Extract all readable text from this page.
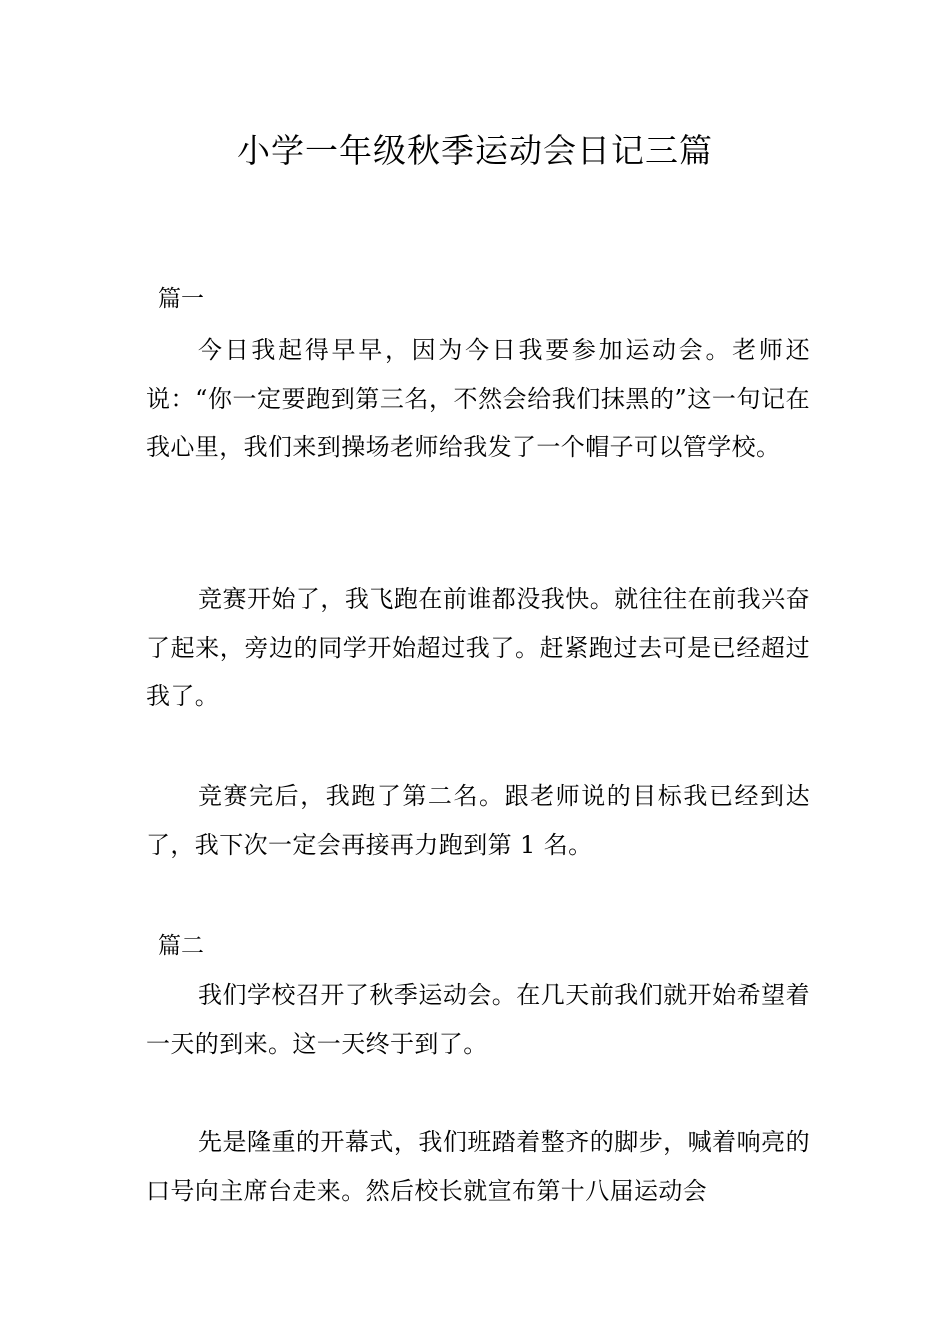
小学一年级秋季运动会日记三篇
篇一

今日我起得早早，因为今日我要参加运动会。老师还说：“你一定要跑到第三名，不然会给我们抹黑的”这一句记在我心里，我们来到操场老师给我发了一个帽子可以管学校。

竞赛开始了，我飞跑在前谁都没我快。就往往在前我兴奋了起来，旁边的同学开始超过我了。赶紧跑过去可是已经超过我了。

竞赛完后，我跑了第二名。跟老师说的目标我已经到达了，我下次一定会再接再力跑到第 1 名。

篇二

我们学校召开了秋季运动会。在几天前我们就开始希望着一天的到来。这一天终于到了。

先是隆重的开幕式，我们班踏着整齐的脚步，喊着响亮的口号向主席台走来。然后校长就宣布第十八届运动会
